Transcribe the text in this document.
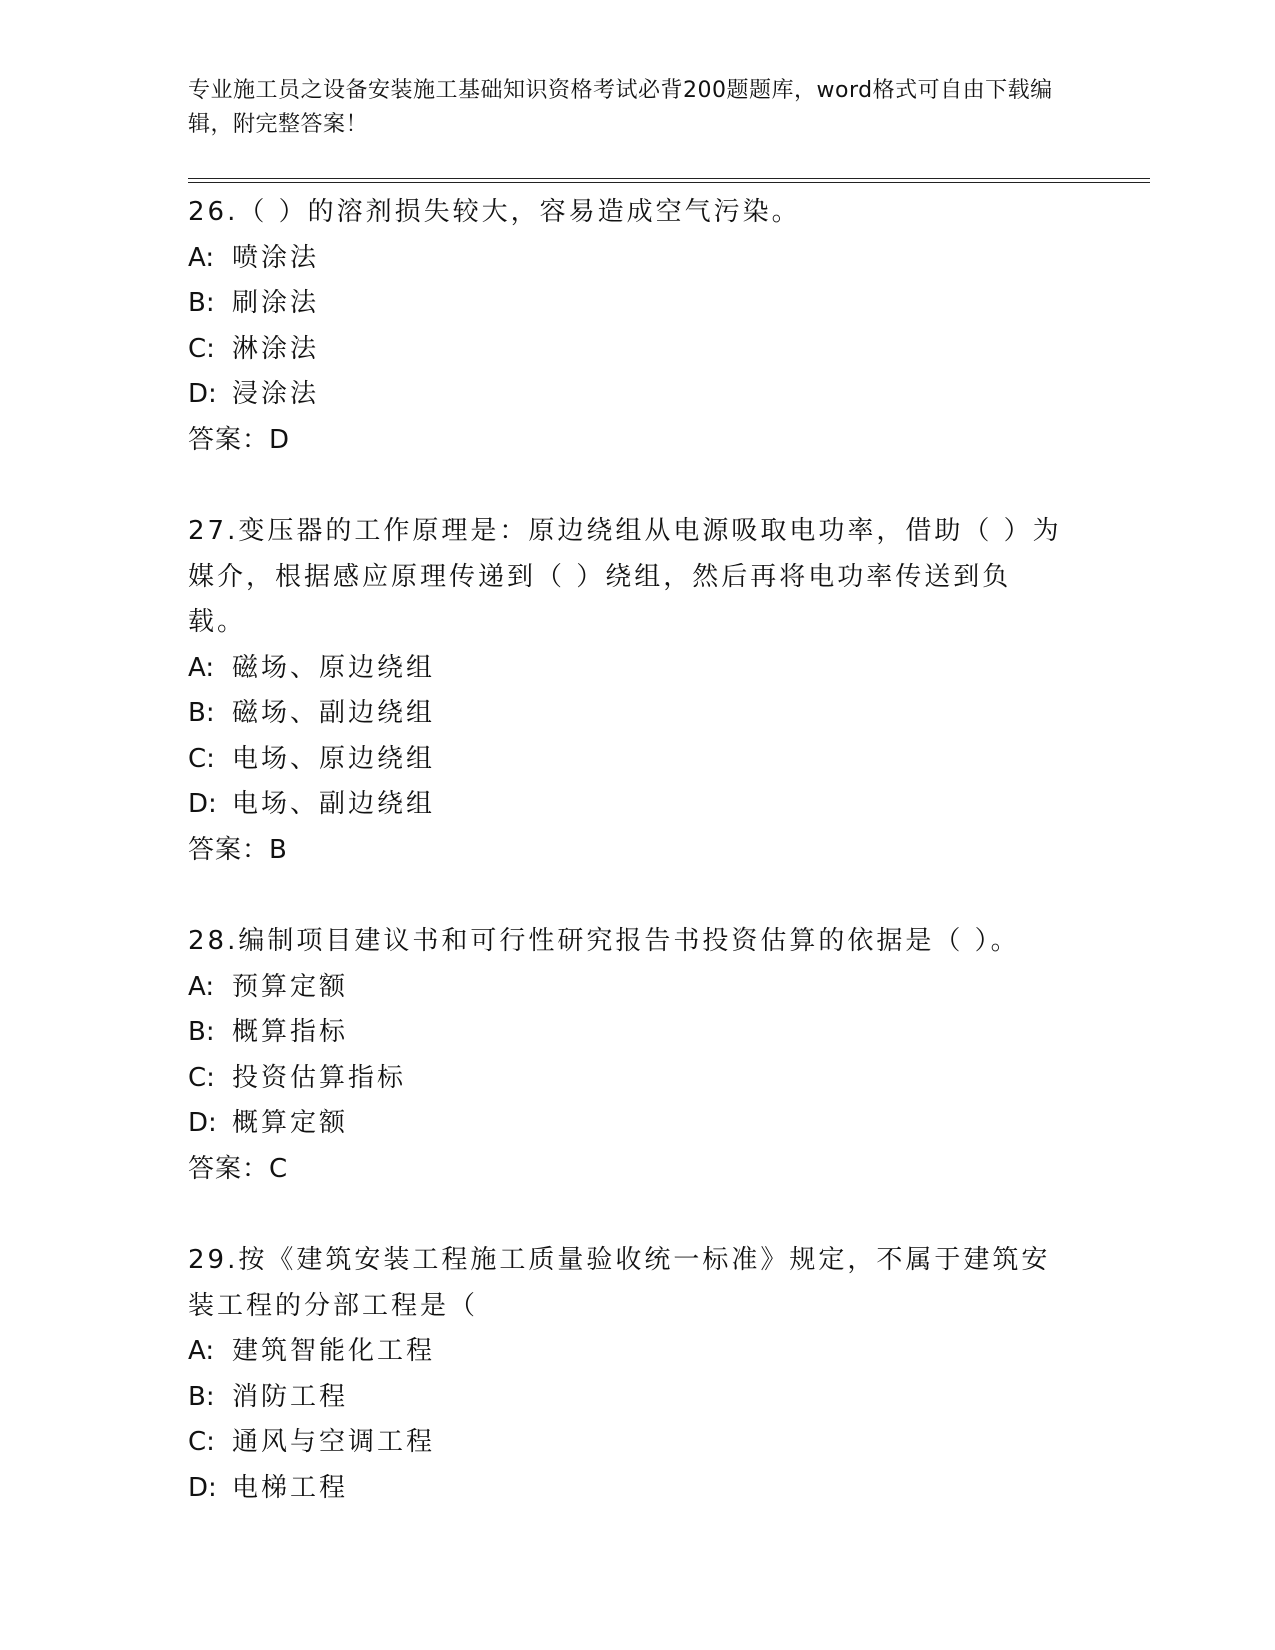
专业施工员之设备安装施工基础知识资格考试必背200题题库，word格式可自由下载编辑，附完整答案！
26.（ ）的溶剂损失较大，容易造成空气污染。
A: 喷涂法
B: 刷涂法
C: 淋涂法
D: 浸涂法
答案：D
27.变压器的工作原理是：原边绕组从电源吸取电功率，借助（ ）为媒介，根据感应原理传递到（ ）绕组，然后再将电功率传送到负载。
A: 磁场、原边绕组
B: 磁场、副边绕组
C: 电场、原边绕组
D: 电场、副边绕组
答案：B
28.编制项目建议书和可行性研究报告书投资估算的依据是（ ）。
A: 预算定额
B: 概算指标
C: 投资估算指标
D: 概算定额
答案：C
29.按《建筑安装工程施工质量验收统一标准》规定，不属于建筑安装工程的分部工程是（
A: 建筑智能化工程
B: 消防工程
C: 通风与空调工程
D: 电梯工程
